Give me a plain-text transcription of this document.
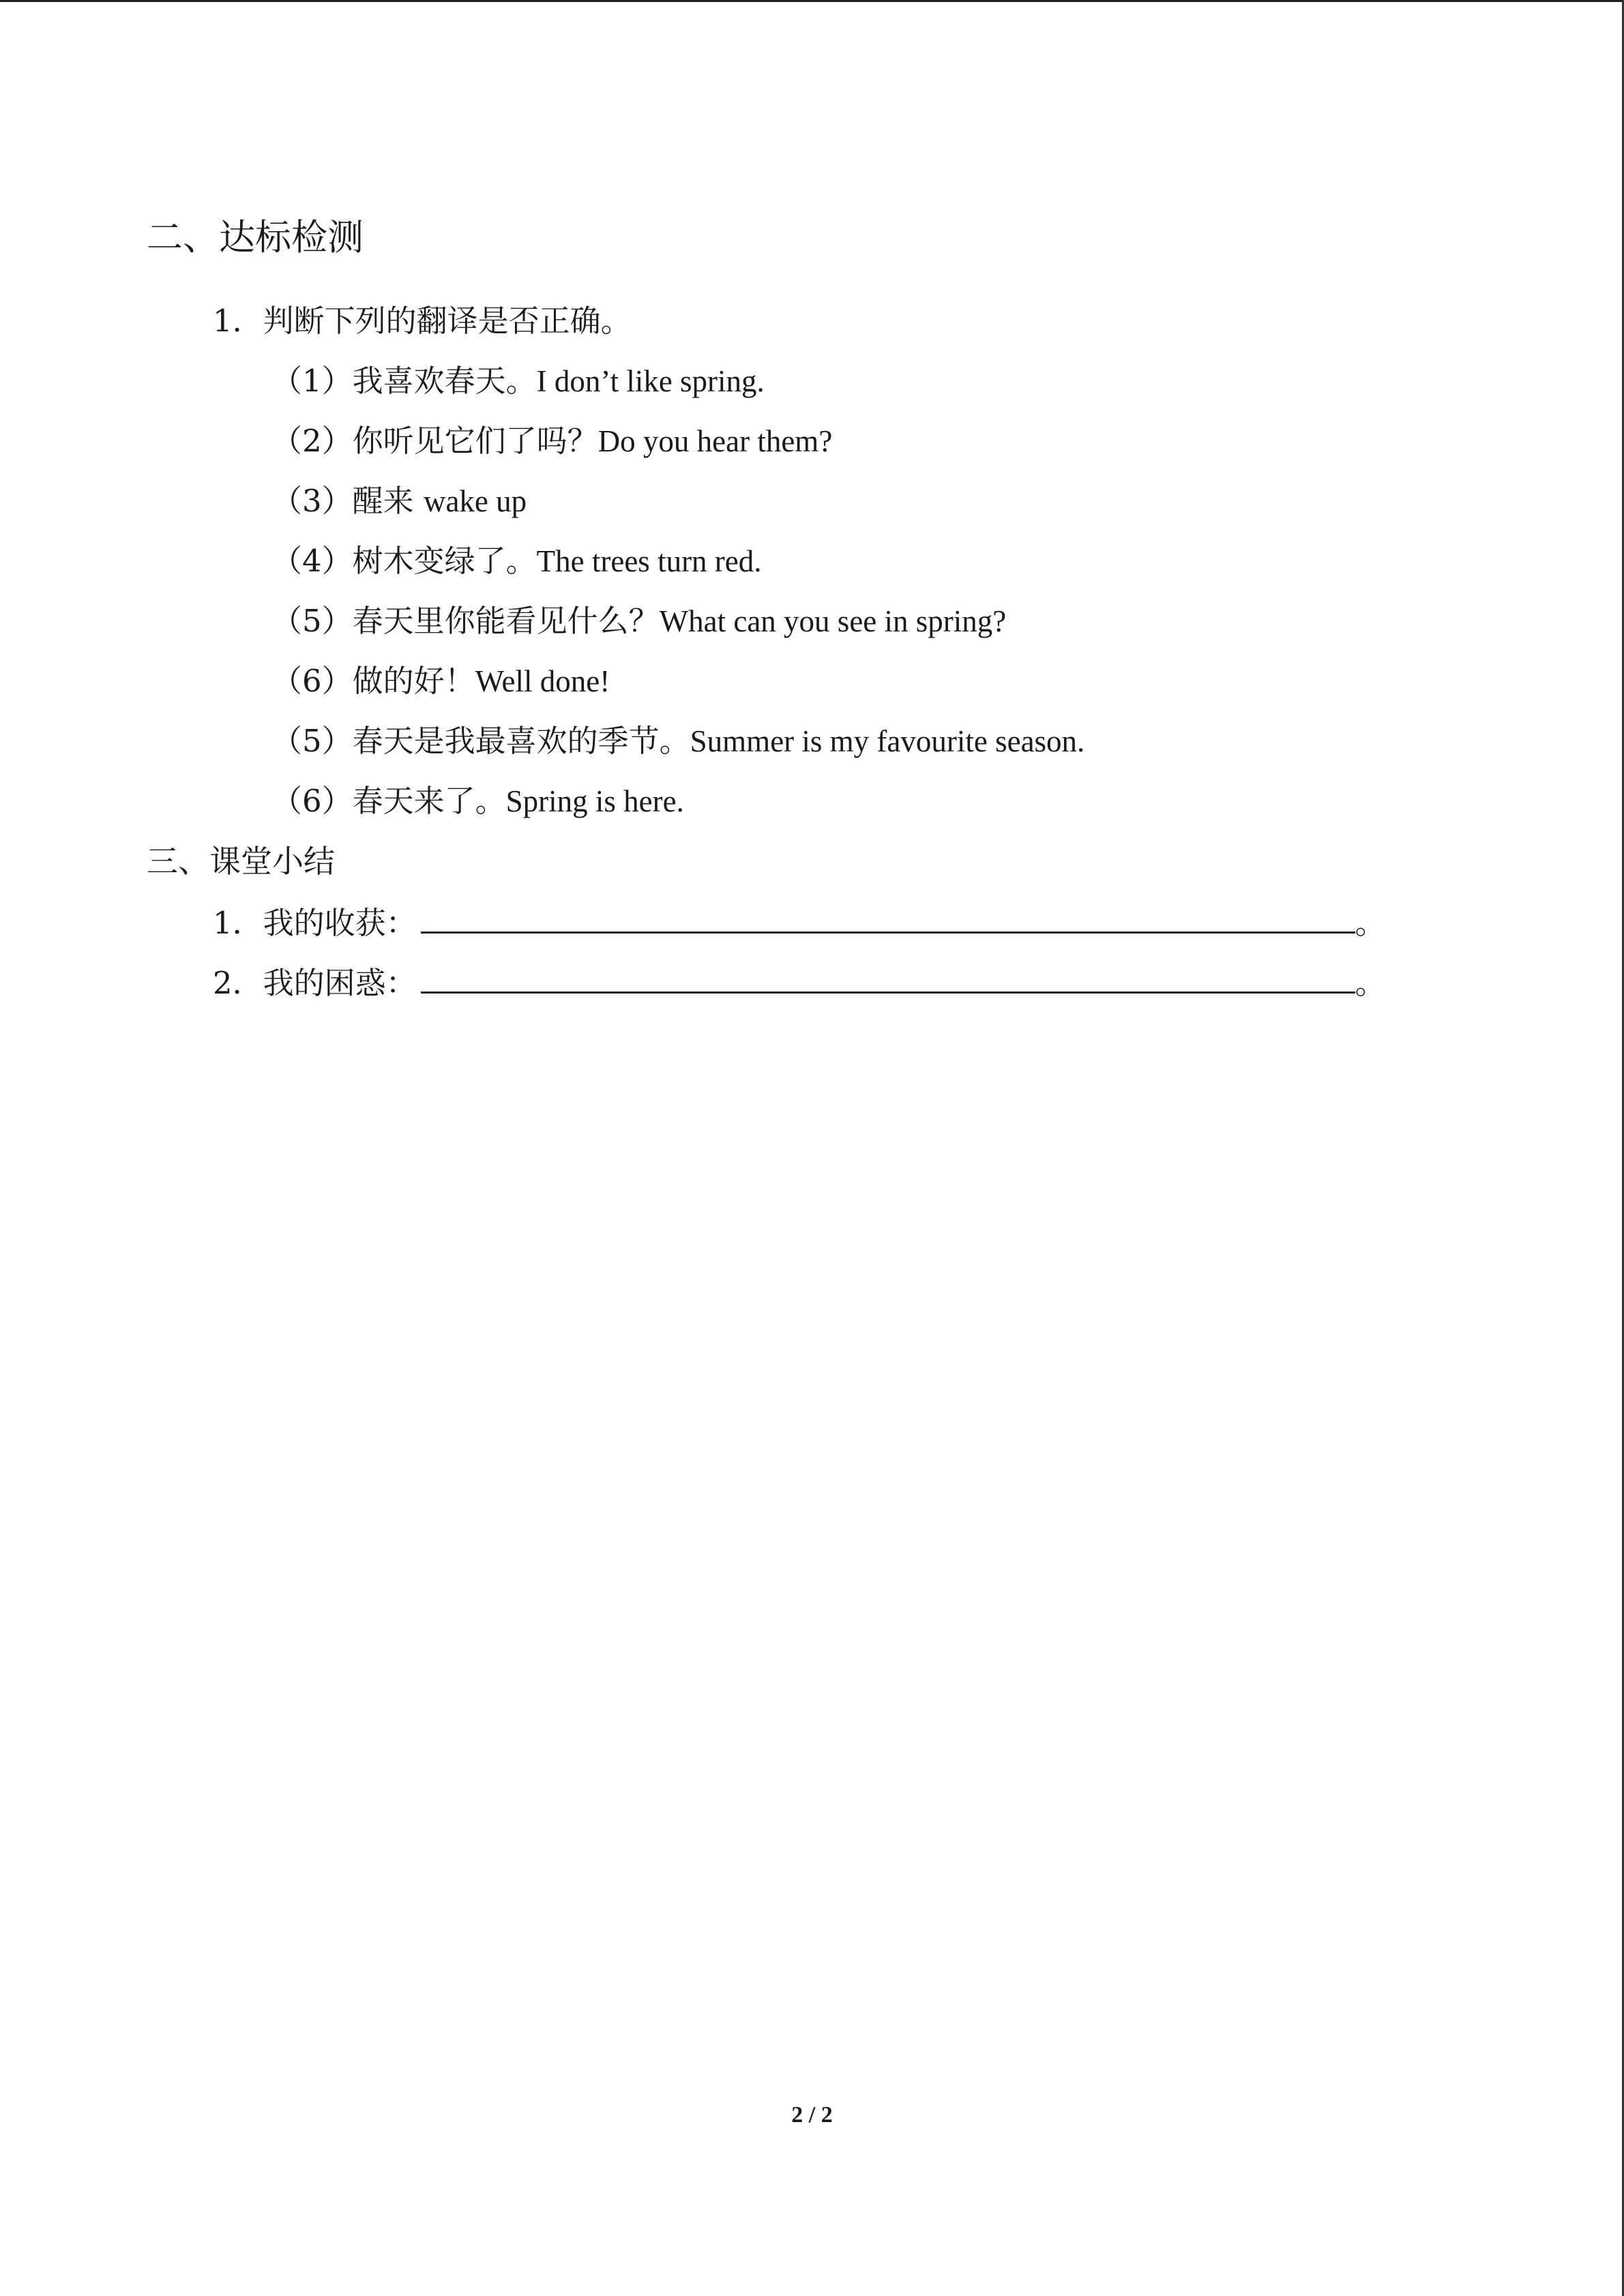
二、达标检测
1．判断下列的翻译是否正确。
（1）我喜欢春天。I don’t like spring.
（2）你听见它们了吗？Do you hear them?
（3）醒来 wake up
（4）树木变绿了。The trees turn red.
（5）春天里你能看见什么？What can you see in spring?
（6）做的好！Well done!
（5）春天是我最喜欢的季节。Summer is my favourite season.
（6）春天来了。Spring is here.
三、课堂小结
1．我的收获：	。
2．我的困惑：	。
2 / 2
